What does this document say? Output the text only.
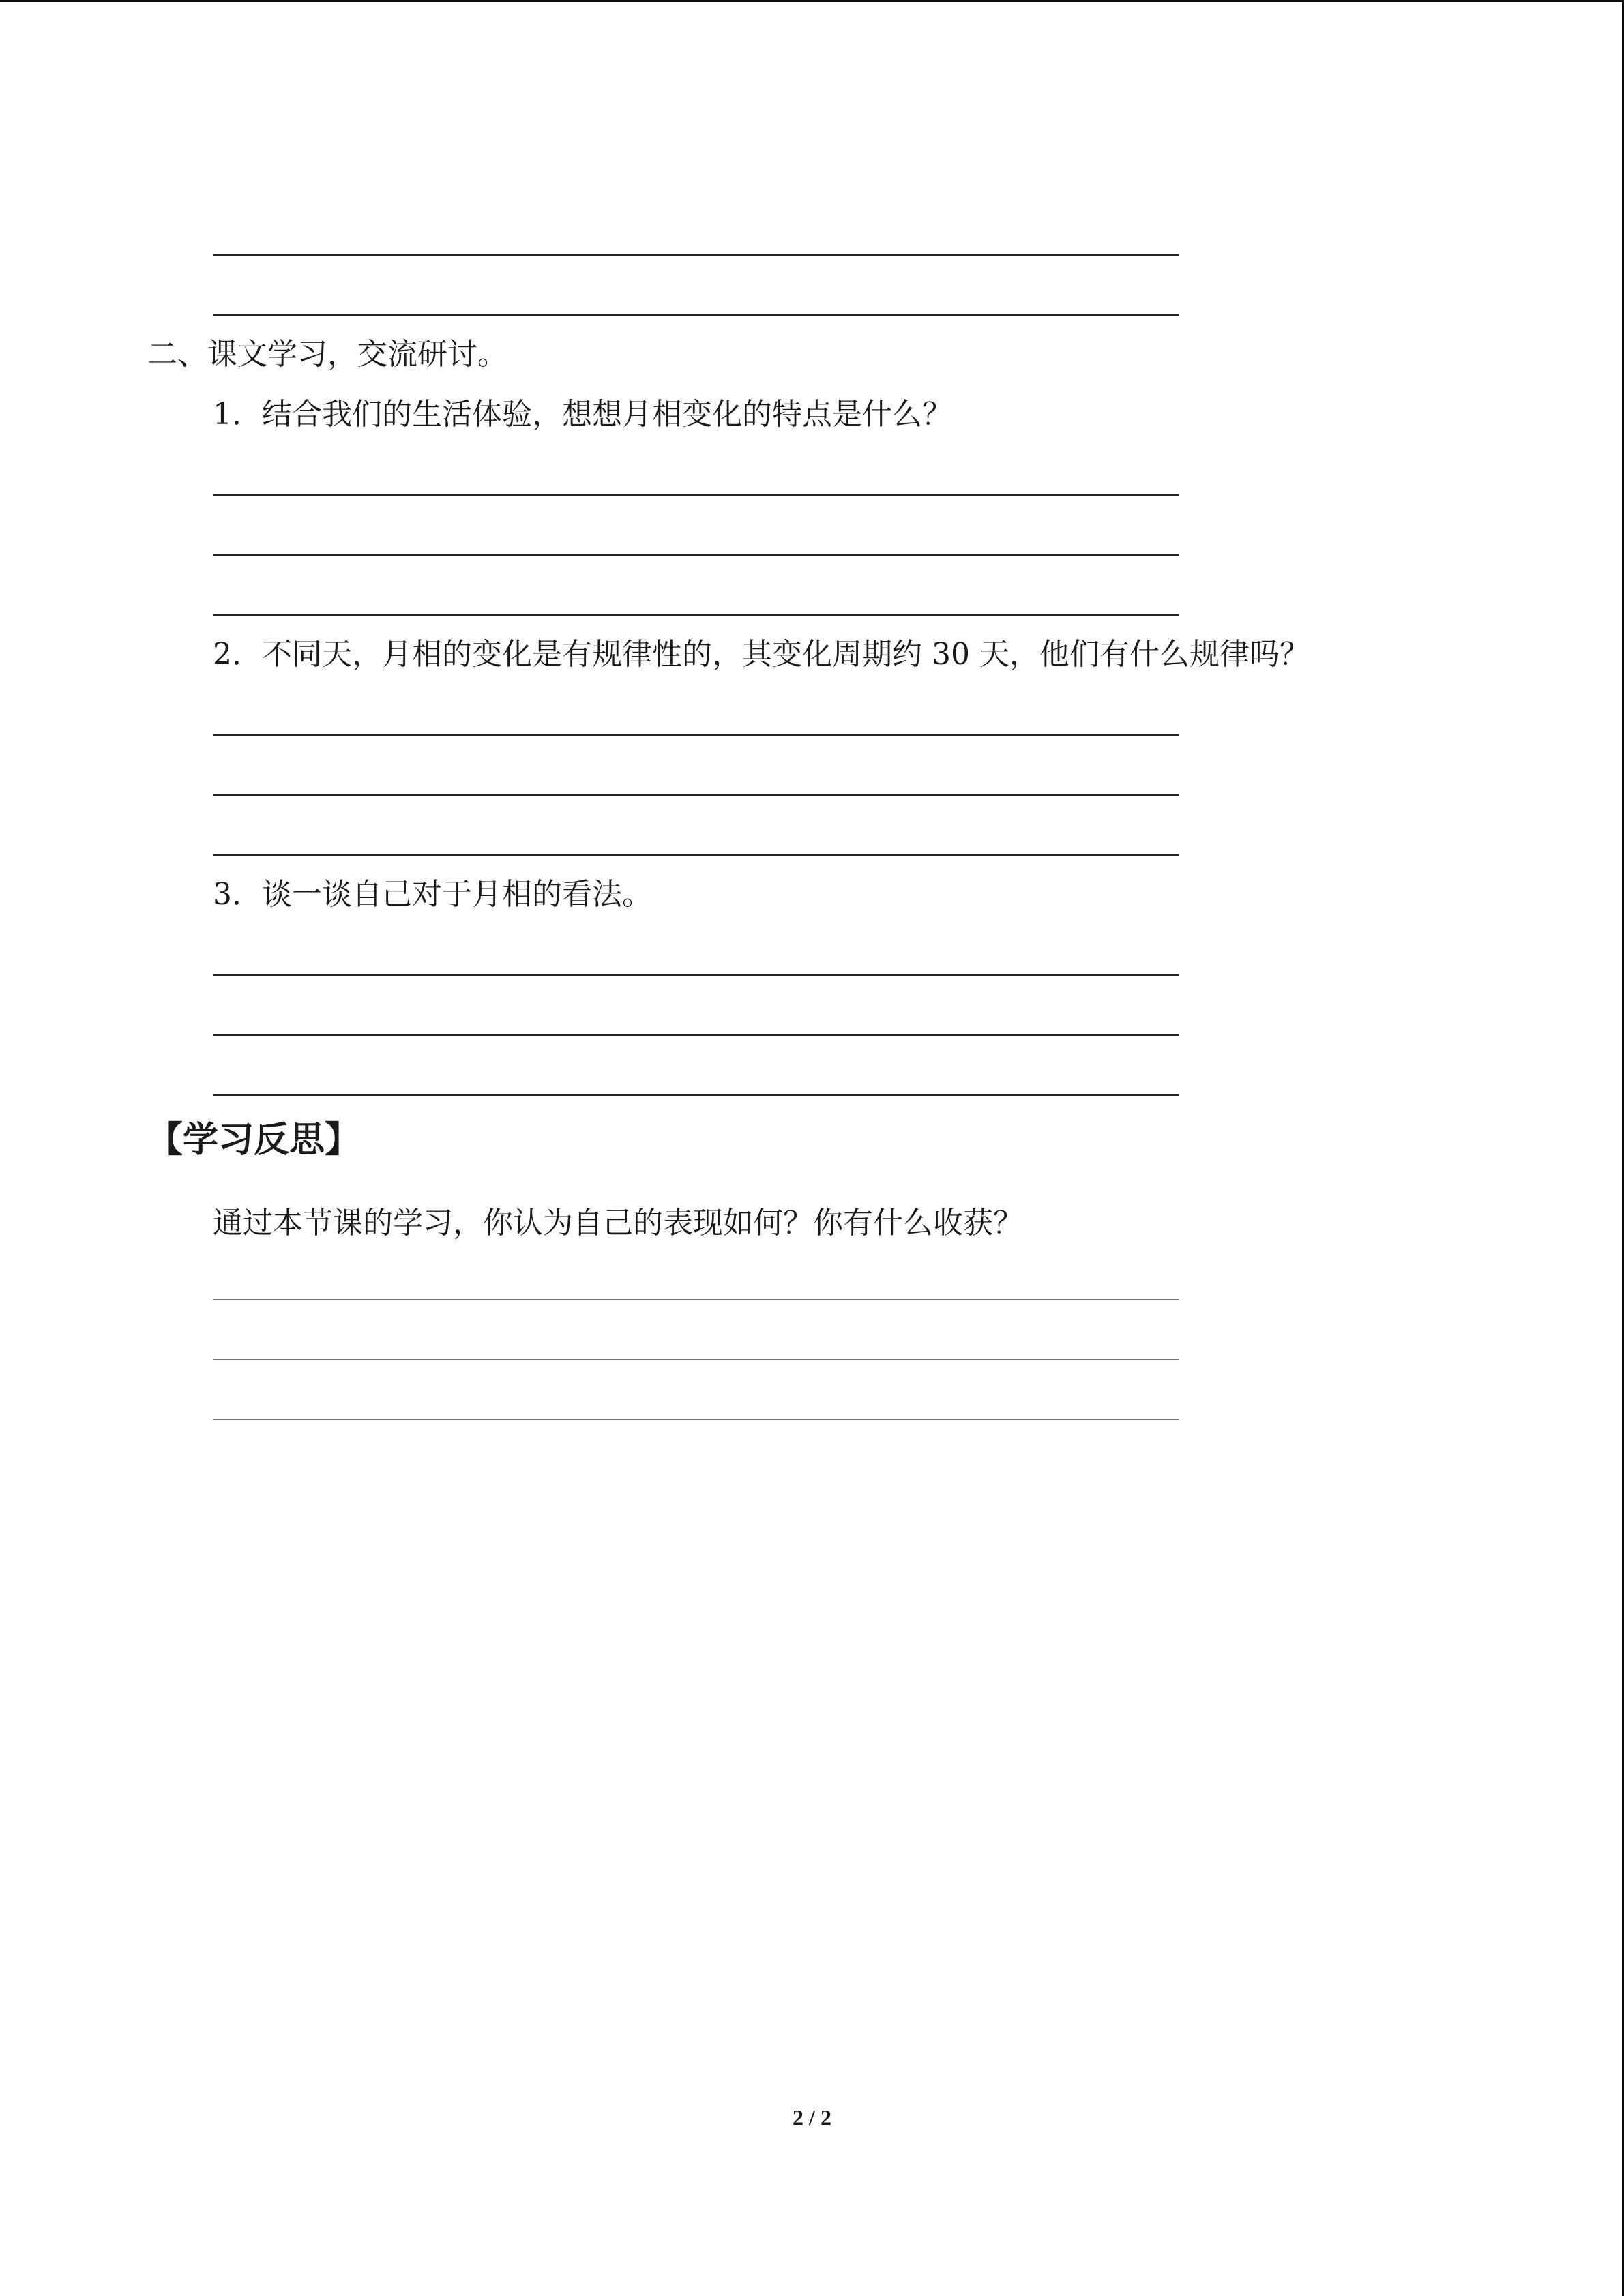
二、课文学习，交流研讨。
1．结合我们的生活体验，想想月相变化的特点是什么？
2．不同天，月相的变化是有规律性的，其变化周期约 30 天，他们有什么规律吗？
3．谈一谈自己对于月相的看法。
【学习反思】
通过本节课的学习，你认为自己的表现如何？你有什么收获？
2 / 2
